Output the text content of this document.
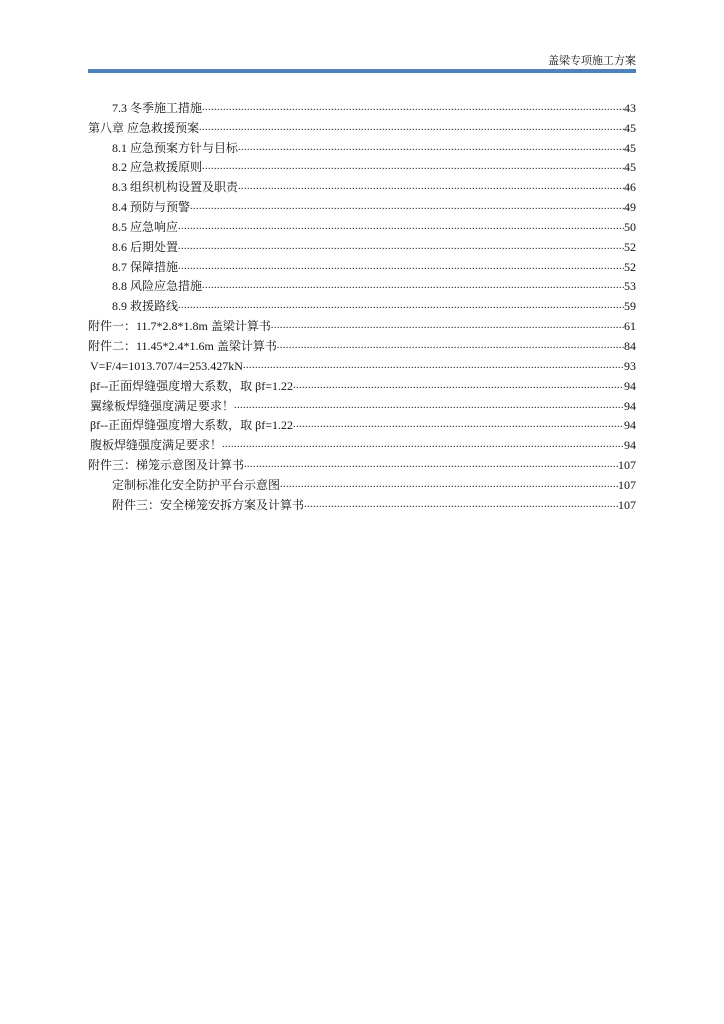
盖梁专项施工方案
7.3 冬季施工措施 .....	43
第八章 应急救援预案 .....	45
8.1 应急预案方针与目标 .....	45
8.2 应急救援原则 .....	45
8.3 组织机构设置及职责 .....	46
8.4 预防与预警 .....	49
8.5 应急响应 .....	50
8.6 后期处置 .....	52
8.7 保障措施 .....	52
8.8 风险应急措施 .....	53
8.9 救援路线 .....	59
附件一：11.7*2.8*1.8m 盖梁计算书 .....	61
附件二：11.45*2.4*1.6m 盖梁计算书 .....	84
V=F/4=1013.707/4=253.427kN .....	93
βf--正面焊缝强度增大系数，取 βf=1.22 .....	94
翼缘板焊缝强度满足要求！ .....	94
βf--正面焊缝强度增大系数，取 βf=1.22 .....	94
腹板焊缝强度满足要求！ .....	94
附件三：梯笼示意图及计算书 .....	107
定制标准化安全防护平台示意图 .....	107
附件三：安全梯笼安拆方案及计算书 .....	107
